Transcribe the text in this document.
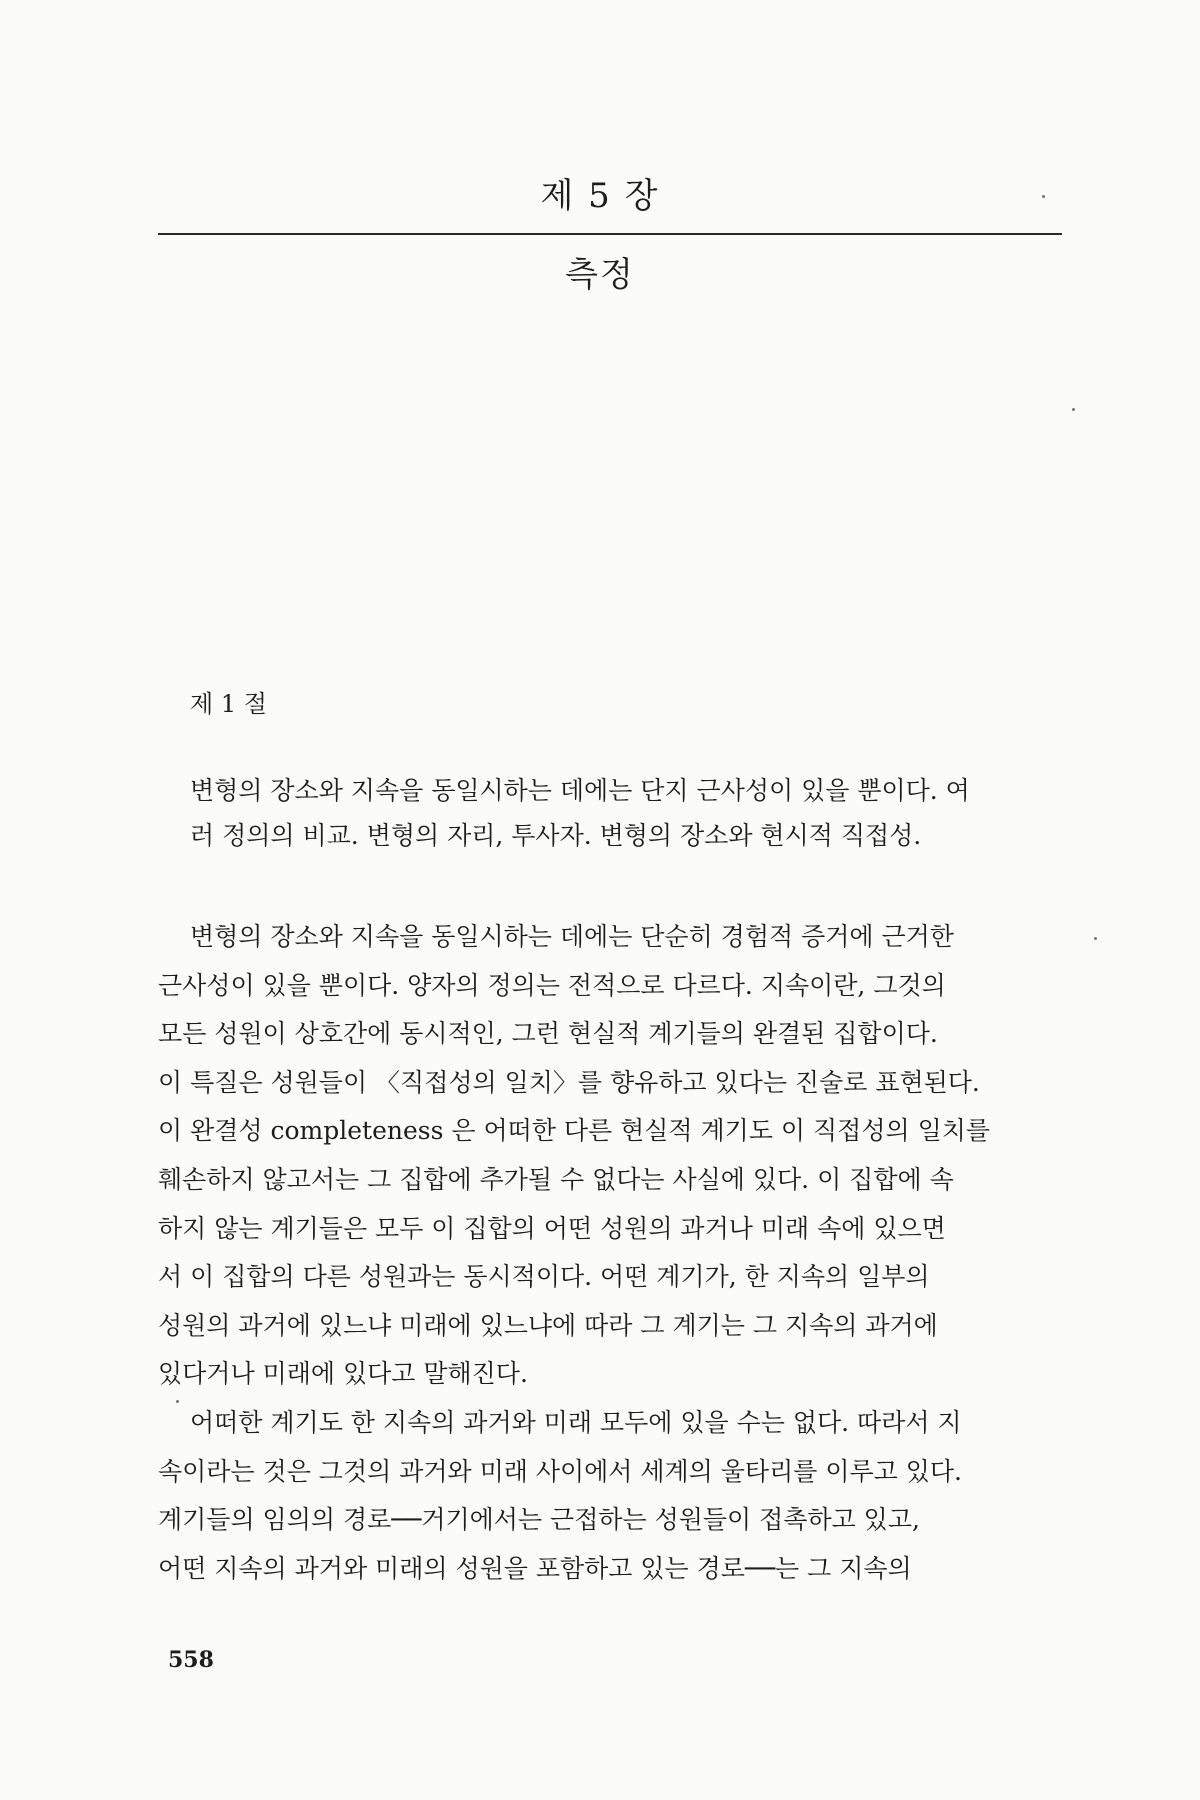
제 5 장
측정
제 1 절
변형의 장소와 지속을 동일시하는 데에는 단지 근사성이 있을 뿐이다. 여
러 정의의 비교. 변형의 자리, 투사자. 변형의 장소와 현시적 직접성.
변형의 장소와 지속을 동일시하는 데에는 단순히 경험적 증거에 근거한
근사성이 있을 뿐이다. 양자의 정의는 전적으로 다르다. 지속이란, 그것의
모든 성원이 상호간에 동시적인, 그런 현실적 계기들의 완결된 집합이다.
이 특질은 성원들이 〈직접성의 일치〉를 향유하고 있다는 진술로 표현된다.
이 완결성 completeness 은 어떠한 다른 현실적 계기도 이 직접성의 일치를
훼손하지 않고서는 그 집합에 추가될 수 없다는 사실에 있다. 이 집합에 속
하지 않는 계기들은 모두 이 집합의 어떤 성원의 과거나 미래 속에 있으면
서 이 집합의 다른 성원과는 동시적이다. 어떤 계기가, 한 지속의 일부의
성원의 과거에 있느냐 미래에 있느냐에 따라 그 계기는 그 지속의 과거에
있다거나 미래에 있다고 말해진다.
어떠한 계기도 한 지속의 과거와 미래 모두에 있을 수는 없다. 따라서 지
속이라는 것은 그것의 과거와 미래 사이에서 세계의 울타리를 이루고 있다.
계기들의 임의의 경로──거기에서는 근접하는 성원들이 접촉하고 있고,
어떤 지속의 과거와 미래의 성원을 포함하고 있는 경로──는 그 지속의
558
